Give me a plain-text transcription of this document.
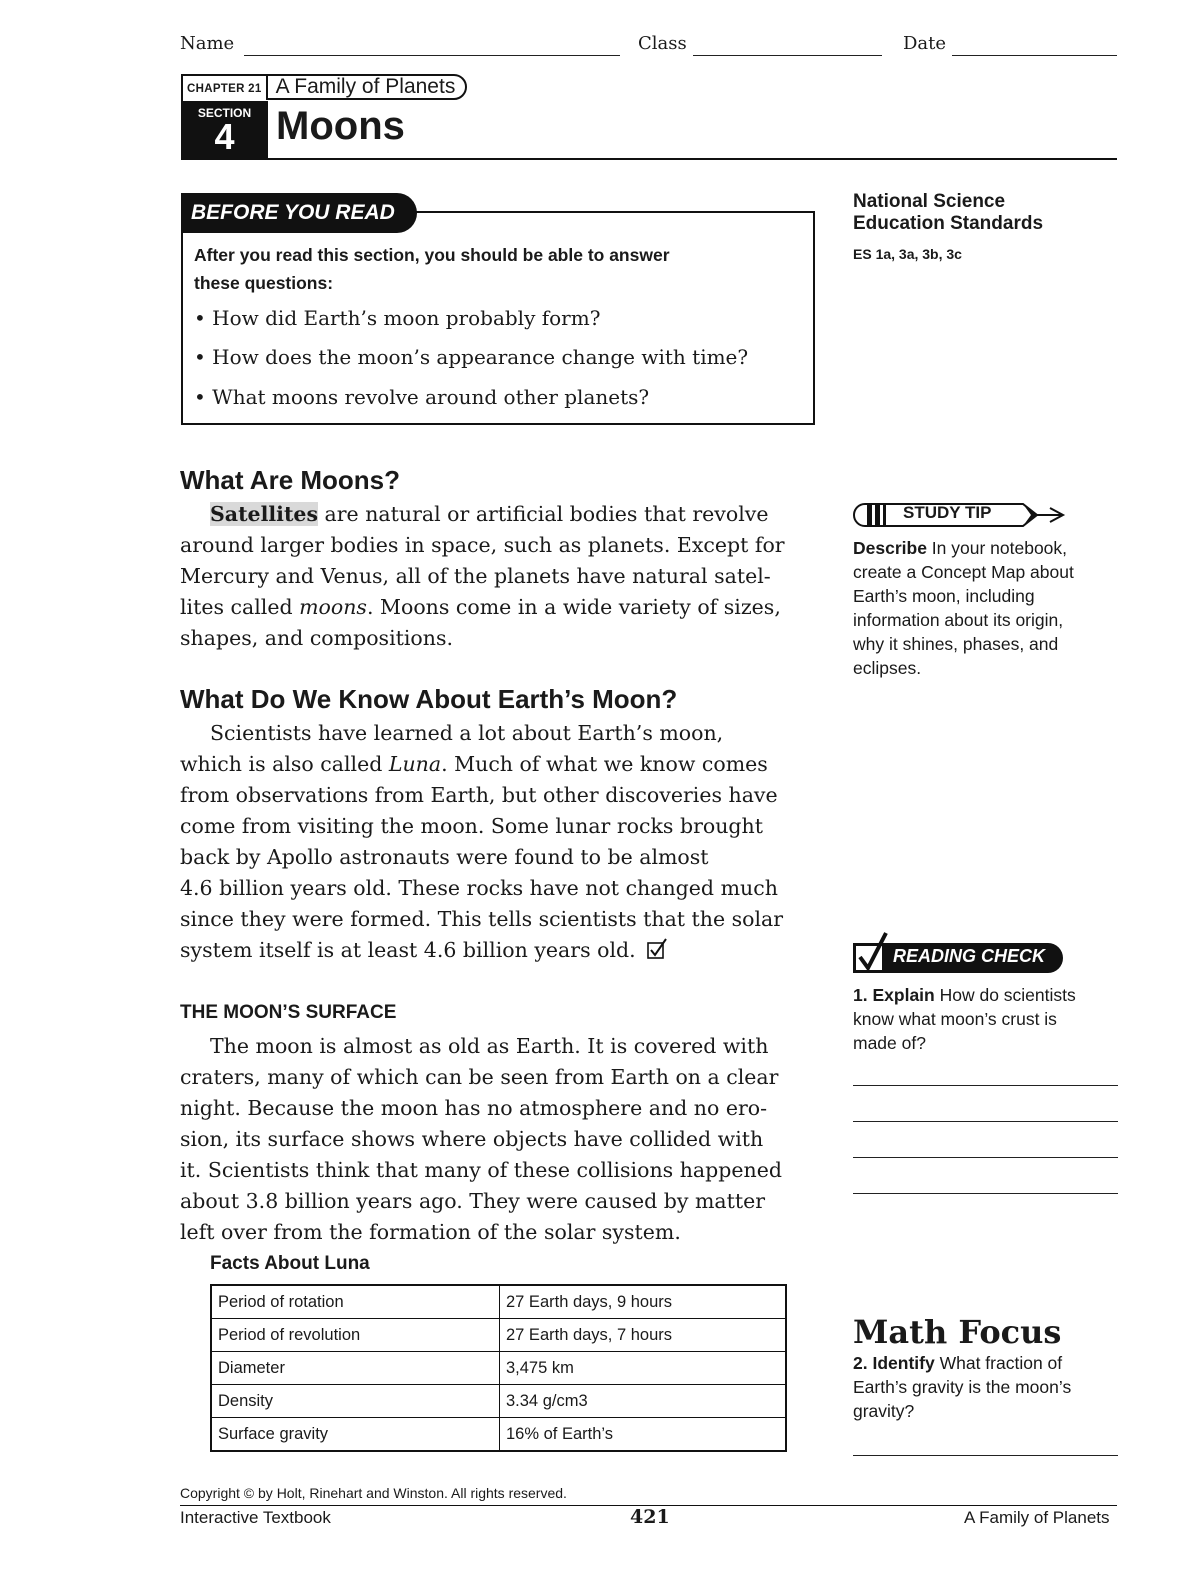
Name	Class	Date
CHAPTER 21 A Family of Planets
SECTION
4	Moons
BEFORE YOU READ
After you read this section, you should be able to answer
these questions:
• How did Earth’s moon probably form?
• How does the moon’s appearance change with time?
• What moons revolve around other planets?
National Science
Education Standards
ES 1a, 3a, 3b, 3c
What Are Moons?
Satellites are natural or artificial bodies that revolve
around larger bodies in space, such as planets. Except for
Mercury and Venus, all of the planets have natural satel-
lites called moons. Moons come in a wide variety of sizes,
shapes, and compositions.
What Do We Know About Earth’s Moon?
Scientists have learned a lot about Earth’s moon,
which is also called Luna. Much of what we know comes
from observations from Earth, but other discoveries have
come from visiting the moon. Some lunar rocks brought
back by Apollo astronauts were found to be almost
4.6 billion years old. These rocks have not changed much
since they were formed. This tells scientists that the solar
system itself is at least 4.6 billion years old.
THE MOON’S SURFACE
The moon is almost as old as Earth. It is covered with
craters, many of which can be seen from Earth on a clear
night. Because the moon has no atmosphere and no ero-
sion, its surface shows where objects have collided with
it. Scientists think that many of these collisions happened
about 3.8 billion years ago. They were caused by matter
left over from the formation of the solar system.
Facts About Luna
Period of rotation	27 Earth days, 9 hours
Period of revolution	27 Earth days, 7 hours
Diameter	3,475 km
Density	3.34 g/cm3
Surface gravity	16% of Earth’s
STUDY TIP
Describe In your notebook,
create a Concept Map about
Earth’s moon, including
information about its origin,
why it shines, phases, and
eclipses.
READING CHECK
1. Explain How do scientists
know what moon’s crust is
made of?
Math Focus
2. Identify What fraction of
Earth’s gravity is the moon’s
gravity?
Copyright © by Holt, Rinehart and Winston. All rights reserved.
Interactive Textbook	421	A Family of Planets
